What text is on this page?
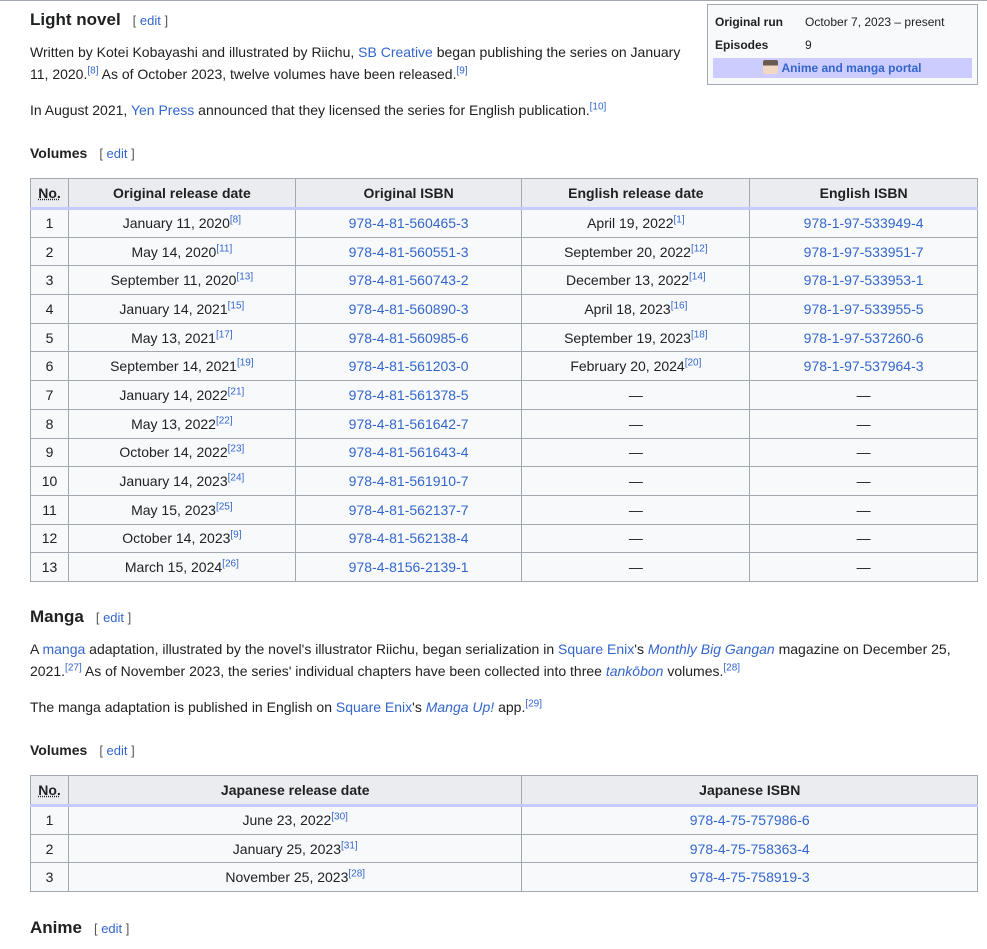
Original run	October 7, 2023 – present
Episodes	9
Anime and manga portal
Light novel [ edit ]

Written by Kotei Kobayashi and illustrated by Riichu, SB Creative began publishing the series on January 11, 2020.[8] As of October 2023, twelve volumes have been released.[9]

In August 2021, Yen Press announced that they licensed the series for English publication.[10]

Volumes [ edit ]
No.	Original release date	Original ISBN	English release date	English ISBN
1	January 11, 2020[8]	978-4-81-560465-3	April 19, 2022[1]	978-1-97-533949-4
2	May 14, 2020[11]	978-4-81-560551-3	September 20, 2022[12]	978-1-97-533951-7
3	September 11, 2020[13]	978-4-81-560743-2	December 13, 2022[14]	978-1-97-533953-1
4	January 14, 2021[15]	978-4-81-560890-3	April 18, 2023[16]	978-1-97-533955-5
5	May 13, 2021[17]	978-4-81-560985-6	September 19, 2023[18]	978-1-97-537260-6
6	September 14, 2021[19]	978-4-81-561203-0	February 20, 2024[20]	978-1-97-537964-3
7	January 14, 2022[21]	978-4-81-561378-5	—	—
8	May 13, 2022[22]	978-4-81-561642-7	—	—
9	October 14, 2022[23]	978-4-81-561643-4	—	—
10	January 14, 2023[24]	978-4-81-561910-7	—	—
11	May 15, 2023[25]	978-4-81-562137-7	—	—
12	October 14, 2023[9]	978-4-81-562138-4	—	—
13	March 15, 2024[26]	978-4-8156-2139-1	—	—
Manga [ edit ]

A manga adaptation, illustrated by the novel's illustrator Riichu, began serialization in Square Enix's Monthly Big Gangan magazine on December 25, 2021.[27] As of November 2023, the series' individual chapters have been collected into three tankōbon volumes.[28]

The manga adaptation is published in English on Square Enix's Manga Up! app.[29]

Volumes [ edit ]
No.	Japanese release date	Japanese ISBN
1	June 23, 2022[30]	978-4-75-757986-6
2	January 25, 2023[31]	978-4-75-758363-4
3	November 25, 2023[28]	978-4-75-758919-3
Anime [ edit ]
